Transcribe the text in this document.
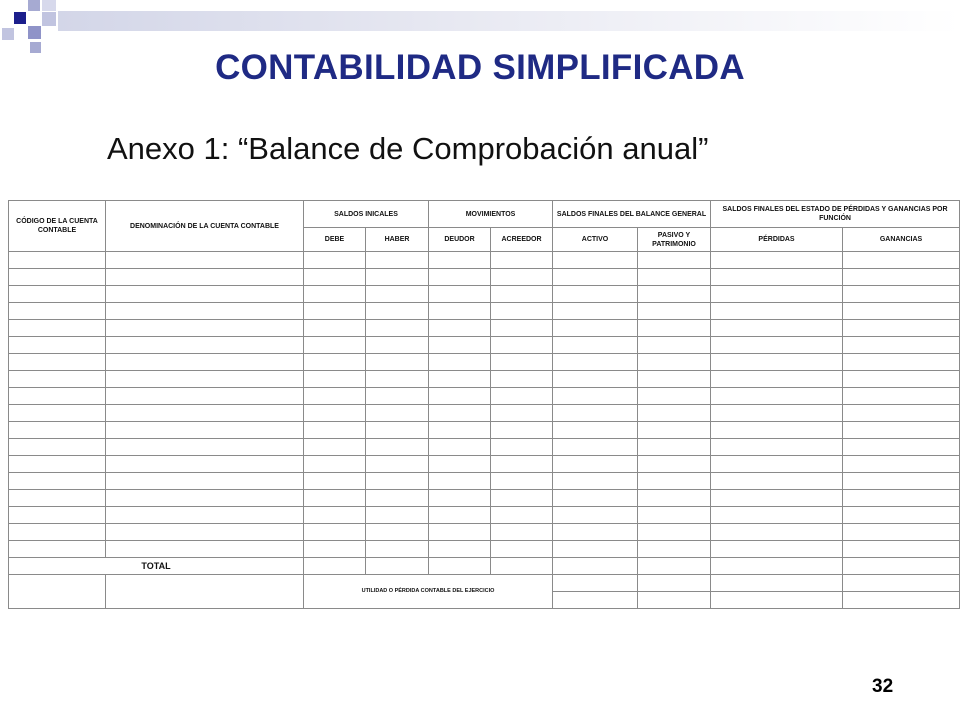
CONTABILIDAD SIMPLIFICADA
Anexo 1: “Balance de Comprobación anual”
CÓDIGO DE LA CUENTA CONTABLE	DENOMINACIÓN DE LA CUENTA CONTABLE	SALDOS INICALES		MOVIMIENTOS		SALDOS FINALES DEL BALANCE GENERAL		SALDOS FINALES DEL ESTADO DE PÉRDIDAS Y GANANCIAS POR FUNCIÓN	
		DEBE	HABER	DEUDOR	ACREEDOR	ACTIVO	PASIVO Y PATRIMONIO	PÉRDIDAS	GANANCIAS

TOTAL									
		UTILIDAD O PÉRDIDA CONTABLE DEL EJERCICIO							

32
